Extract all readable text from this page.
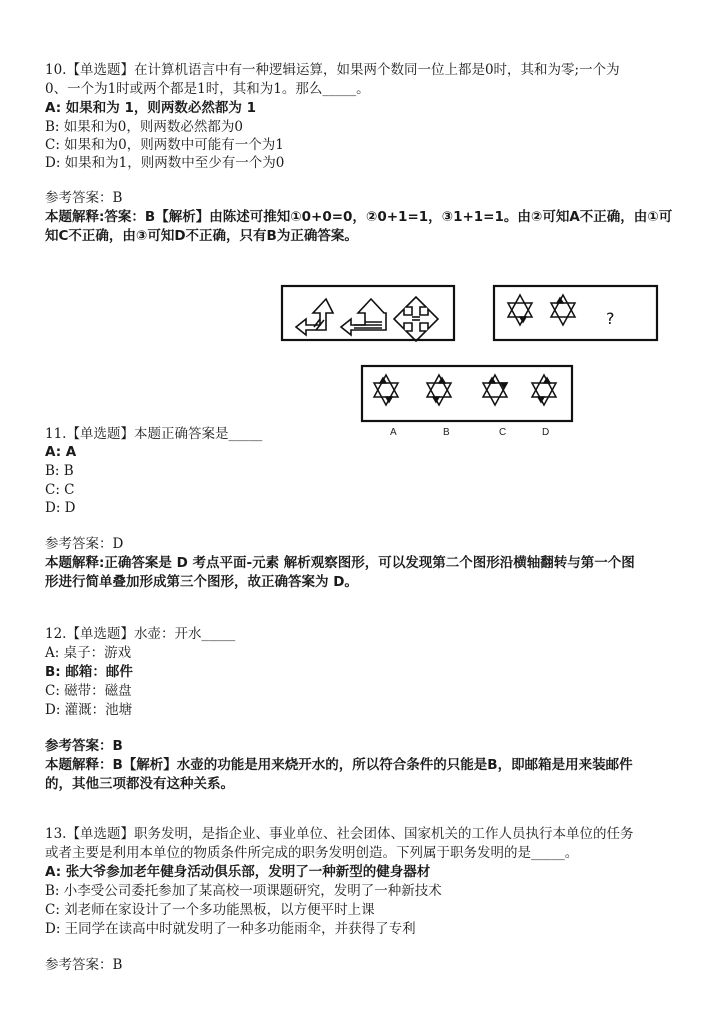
10.【单选题】在计算机语言中有一种逻辑运算，如果两个数同一位上都是0时，其和为零;一个为
0、一个为1时或两个都是1时，其和为1。那么_____。
A: 如果和为 1，则两数必然都为 1
B: 如果和为0，则两数必然都为0
C: 如果和为0，则两数中可能有一个为1
D: 如果和为1，则两数中至少有一个为0
参考答案：B
本题解释:答案：B【解析】由陈述可推知①0+0=0，②0+1=1，③1+1=1。由②可知A不正确，由①可
知C不正确，由③可知D不正确，只有B为正确答案。
?
A	B	C	D
11.【单选题】本题正确答案是_____
A: A
B: B
C: C
D: D
参考答案：D
本题解释:正确答案是 D 考点平面-元素 解析观察图形，可以发现第二个图形沿横轴翻转与第一个图
形进行简单叠加形成第三个图形，故正确答案为 D。
12.【单选题】水壶：开水_____
A: 桌子：游戏
B: 邮箱：邮件
C: 磁带：磁盘
D: 灌溉：池塘
参考答案：B
本题解释：B【解析】水壶的功能是用来烧开水的，所以符合条件的只能是B，即邮箱是用来装邮件
的，其他三项都没有这种关系。
13.【单选题】职务发明，是指企业、事业单位、社会团体、国家机关的工作人员执行本单位的任务
或者主要是利用本单位的物质条件所完成的职务发明创造。下列属于职务发明的是_____。
A: 张大爷参加老年健身活动俱乐部，发明了一种新型的健身器材
B: 小李受公司委托参加了某高校一项课题研究，发明了一种新技术
C: 刘老师在家设计了一个多功能黑板，以方便平时上课
D: 王同学在读高中时就发明了一种多功能雨伞，并获得了专利
参考答案：B
